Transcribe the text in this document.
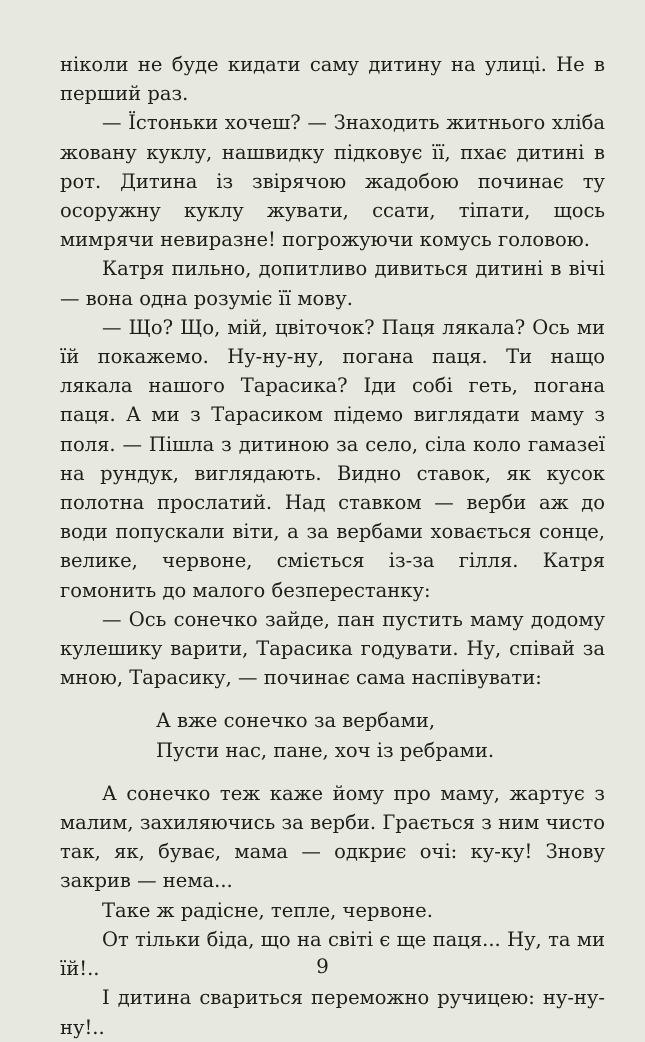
ніколи не буде кидати саму дитину на улиці. Не в перший раз.

— Їстоньки хочеш? — Знаходить житнього хліба жовану куклу, нашвидку підковує її, пхає дитині в рот. Дитина із звірячою жадобою починає ту осоружну куклу жувати, ссати, тіпати, щось мимрячи невиразне! погрожуючи комусь головою.

Катря пильно, допитливо дивиться дитині в вічі — вона одна розуміє її мову.

— Що? Що, мій, цвіточок? Паця лякала? Ось ми їй покажемо. Ну-ну-ну, погана паця. Ти нащо лякала нашого Тарасика? Іди собі геть, погана паця. А ми з Тарасиком підемо виглядати маму з поля. — Пішла з дитиною за село, сіла коло гамазеї на рундук, виглядають. Видно ставок, як кусок полотна прослатий. Над ставком — верби аж до води попускали віти, а за вербами ховається сонце, велике, червоне, сміється із-за гілля. Катря гомонить до малого безперестанку:

— Ось сонечко зайде, пан пустить маму додому кулешику варити, Тарасика годувати. Ну, співай за мною, Тарасику, — починає сама наспівувати:

А вже сонечко за вербами,
Пусти нас, пане, хоч із ребрами.

А сонечко теж каже йому про маму, жартує з малим, захиляючись за верби. Грається з ним чисто так, як, буває, мама — одкриє очі: ку-ку! Знову закрив — нема...

Таке ж радісне, тепле, червоне.

От тільки біда, що на світі є ще паця... Ну, та ми їй!..

І дитина свариться переможно ручицею: ну-ну-ну!..

9
